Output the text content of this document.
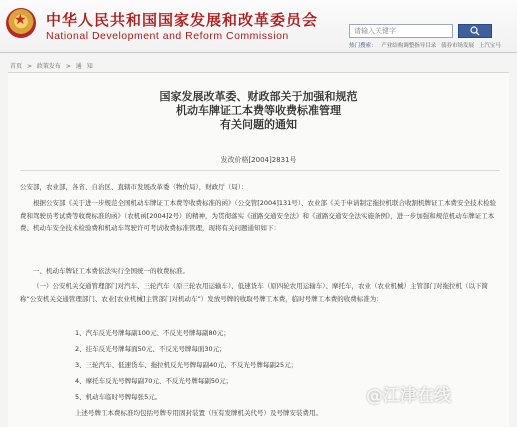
★
中华人民共和国国家发展和改革委员会
National Development and Reform Commission	请输入关键字
热门搜索： 产业结构调整指导目录 债券市场发展 上汽宝马
首页 > 政策发布 > 通 知
国家发展改革委、财政部关于加强和规范
机动车牌证工本费等收费标准管理
有关问题的通知
发改价格[2004]2831号
公安部，农业部，各省、自治区、直辖市发展改革委（物价局），财政厅（局）：
根据公安部《关于进一步规范全国机动车牌证工本费等收费标准的函》（公交管[2004]131号）、农业部《关于申请制定拖拉机联合收割机牌证工本费安全技术检验费和驾驶员考试费等收费标准的函》（农机函[2004]2号）的精神，为贯彻落实《道路交通安全法》和《道路交通安全法实施条例》，进一步加强和规范机动车牌证工本费、机动车安全技术检验费和机动车驾驶许可考试收费标准管理，现将有关问题通知如下：
一、机动车牌证工本费依法实行全国统一的收费标准。
（一）公安机关交通管理部门对汽车、三轮汽车（原三轮农用运输车）、低速货车（原四轮农用运输车）、摩托车，农业（农业机械）主管部门对拖拉机（以下简称“公安机关交通管理部门、农业[农业机械]主管部门对机动车”）发放号牌的收取号牌工本费，临时号牌工本费的收费标准为：
1、汽车反光号牌每副100元、不反光号牌每副80元；
2、挂车反光号牌每面50元、不反光号牌每面30元；
3、三轮汽车、低速货车、拖拉机反光号牌每副40元、不反光号牌每副25元；
4、摩托车反光号牌每副70元、不反光号牌每副50元；
5、机动车临时号牌每张5元。
上述号牌工本费标准均包括号牌专用固封装置（压有发牌机关代号）及号牌安装费用。
@江津在线
